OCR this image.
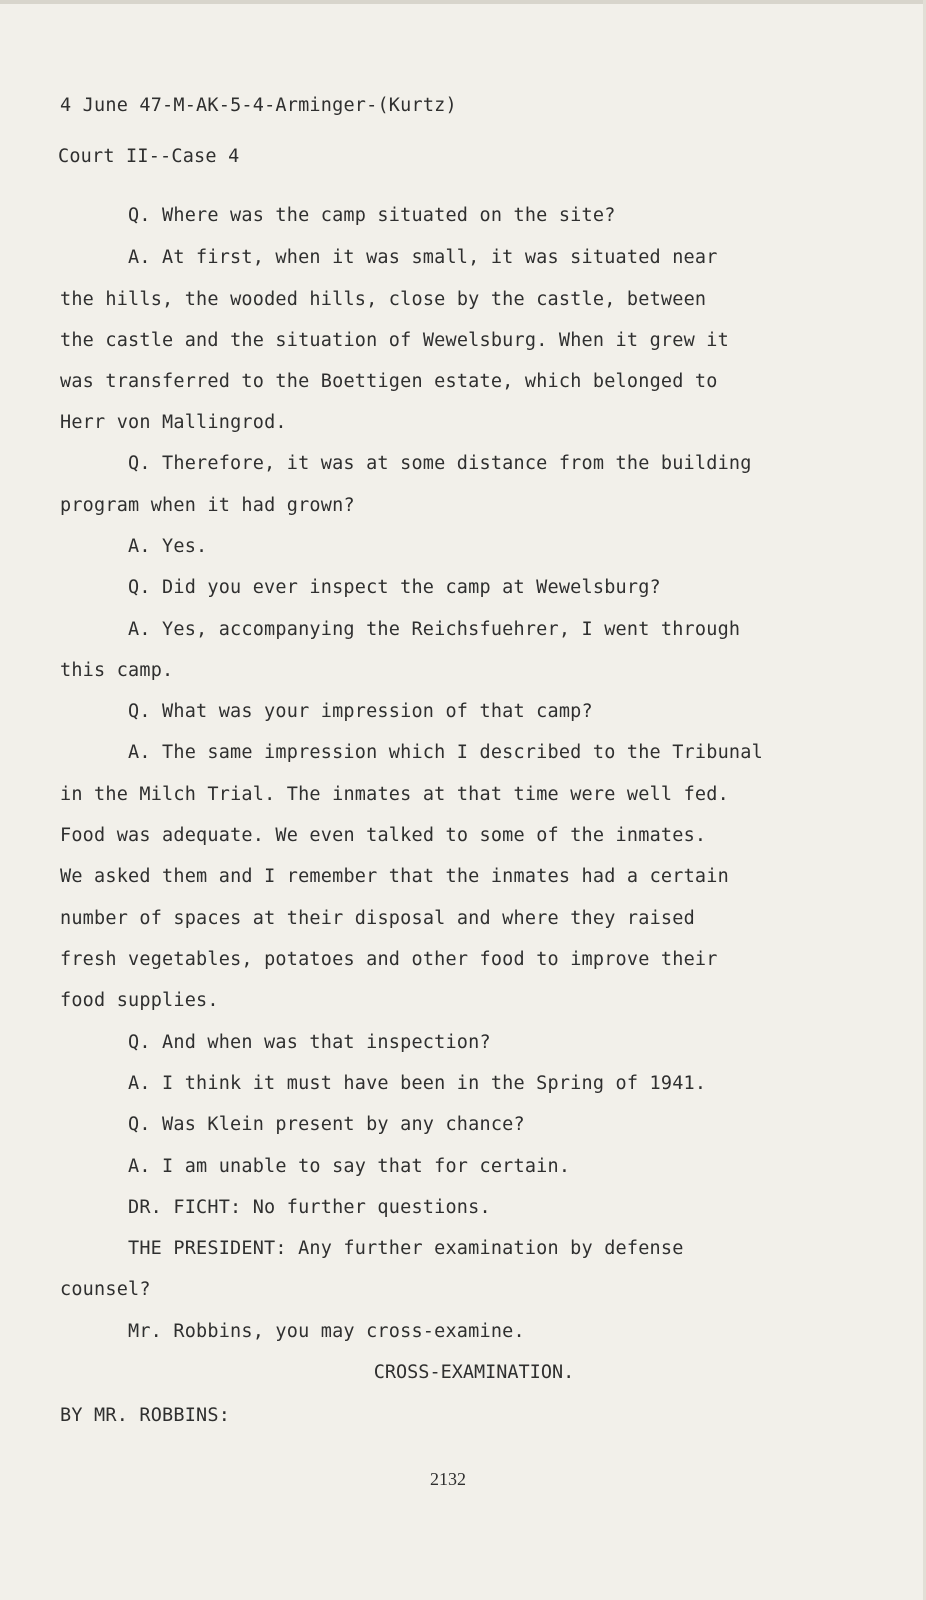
4 June 47-M-AK-5-4-Arminger-(Kurtz)
Court II--Case 4
Q. Where was the camp situated on the site?
A. At first, when it was small, it was situated near
the hills, the wooded hills, close by the castle, between
the castle and the situation of Wewelsburg. When it grew it
was transferred to the Boettigen estate, which belonged to
Herr von Mallingrod.
Q. Therefore, it was at some distance from the building
program when it had grown?
A. Yes.
Q. Did you ever inspect the camp at Wewelsburg?
A. Yes, accompanying the Reichsfuehrer, I went through
this camp.
Q. What was your impression of that camp?
A. The same impression which I described to the Tribunal
in the Milch Trial. The inmates at that time were well fed.
Food was adequate. We even talked to some of the inmates.
We asked them and I remember that the inmates had a certain
number of spaces at their disposal and where they raised
fresh vegetables, potatoes and other food to improve their
food supplies.
Q. And when was that inspection?
A. I think it must have been in the Spring of 1941.
Q. Was Klein present by any chance?
A. I am unable to say that for certain.
DR. FICHT: No further questions.
THE PRESIDENT: Any further examination by defense
counsel?
Mr. Robbins, you may cross-examine.
CROSS-EXAMINATION.
BY MR. ROBBINS:
2132
